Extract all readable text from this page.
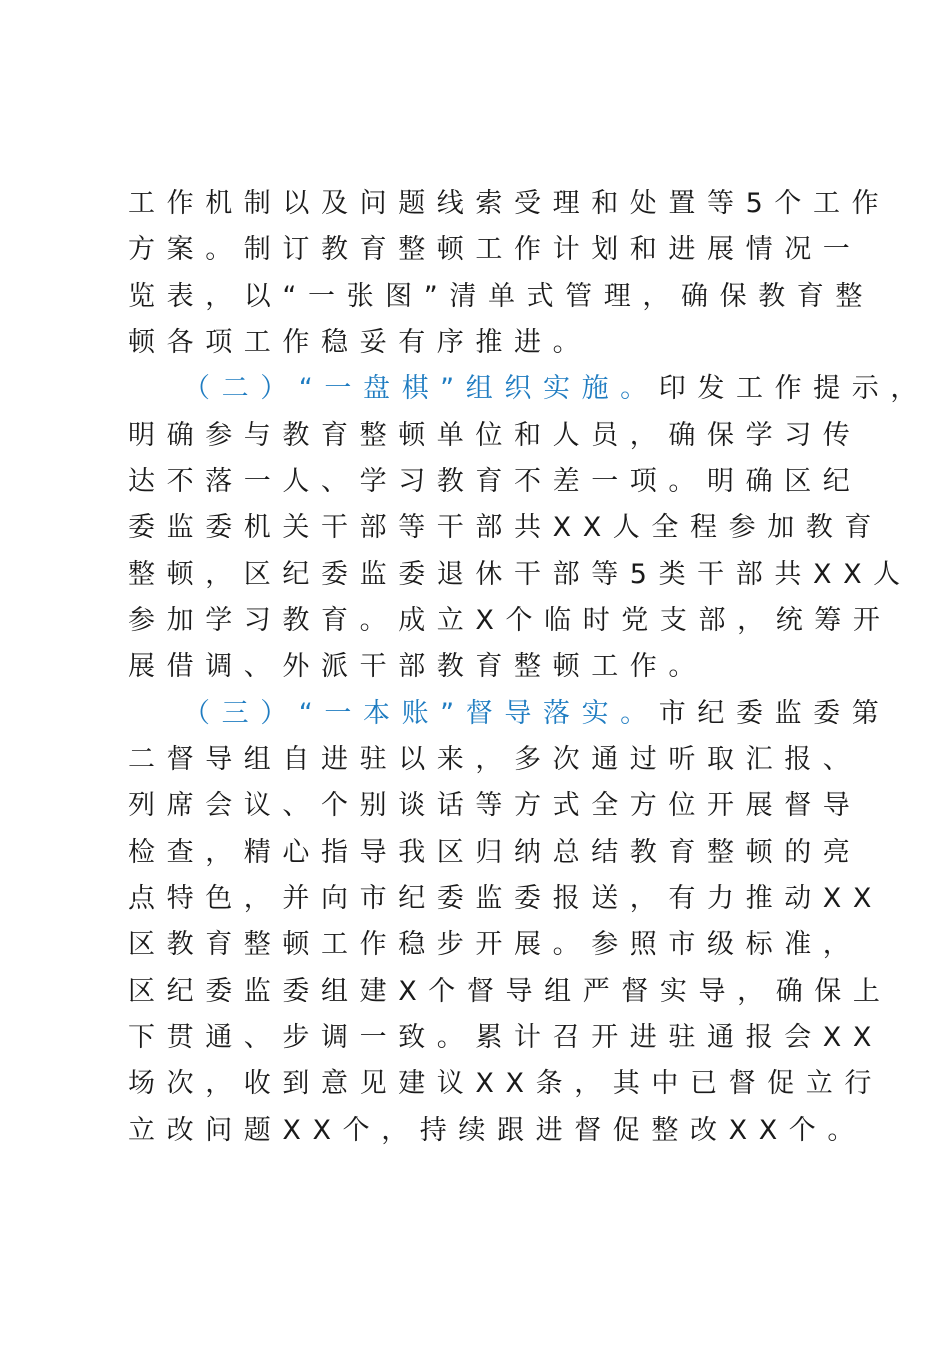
工作机制以及问题线索受理和处置等5个工作
方案。制订教育整顿工作计划和进展情况一
览表，以“一张图”清单式管理，确保教育整
顿各项工作稳妥有序推进。
（二）“一盘棋”组织实施。印发工作提示，
明确参与教育整顿单位和人员，确保学习传
达不落一人、学习教育不差一项。明确区纪
委监委机关干部等干部共XX人全程参加教育
整顿，区纪委监委退休干部等5类干部共XX人
参加学习教育。成立X个临时党支部，统筹开
展借调、外派干部教育整顿工作。
（三）“一本账”督导落实。市纪委监委第
二督导组自进驻以来，多次通过听取汇报、
列席会议、个别谈话等方式全方位开展督导
检查，精心指导我区归纳总结教育整顿的亮
点特色，并向市纪委监委报送，有力推动XX
区教育整顿工作稳步开展。参照市级标准，
区纪委监委组建X个督导组严督实导，确保上
下贯通、步调一致。累计召开进驻通报会XX
场次，收到意见建议XX条，其中已督促立行
立改问题XX个，持续跟进督促整改XX个。
